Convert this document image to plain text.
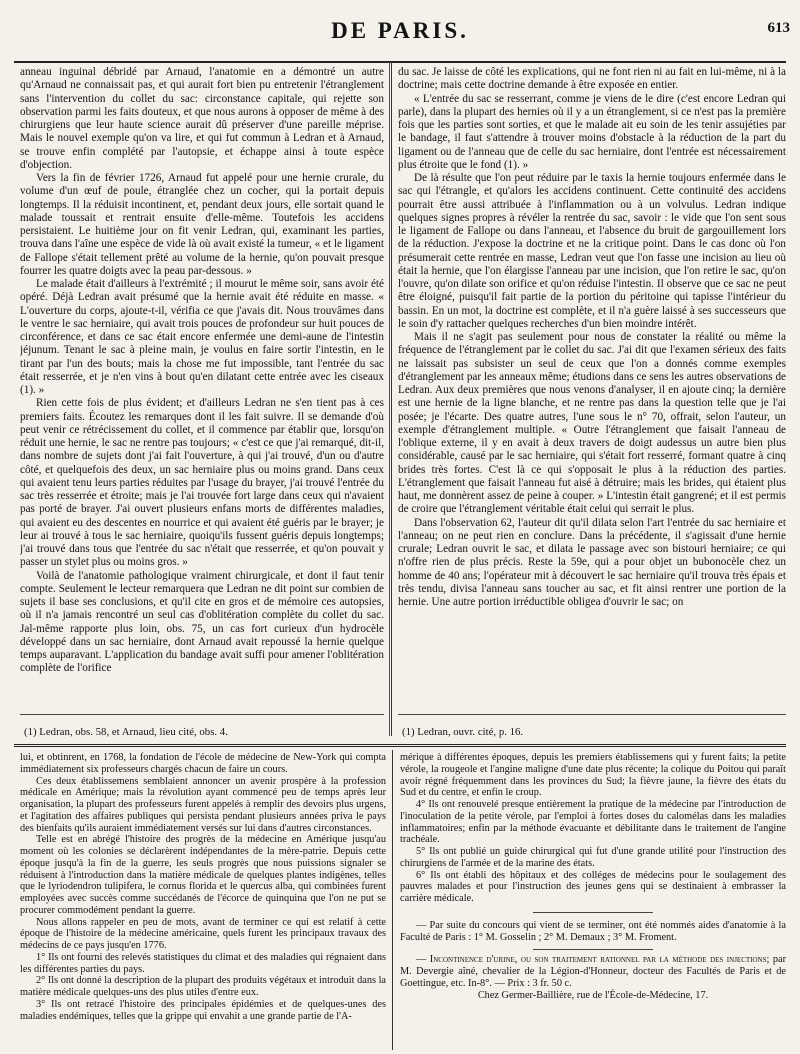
DE PARIS.	613

anneau inguinal débridé par Arnaud, l'anatomie en a démontré un autre qu'Arnaud ne connaissait pas, et qui aurait fort bien pu entretenir l'étranglement sans l'intervention du collet du sac: circonstance capitale, qui rejette son observation parmi les faits douteux, et que nous aurons à opposer de même à des chirurgiens que leur haute science aurait dû préserver d'une pareille méprise. Mais le nouvel exemple qu'on va lire, et qui fut commun à Ledran et à Arnaud, se trouve enfin complété par l'autopsie, et échappe ainsi à toute espèce d'objection.

Vers la fin de février 1726, Arnaud fut appelé pour une hernie crurale, du volume d'un œuf de poule, étranglée chez un cocher, qui la portait depuis longtemps. Il la réduisit incontinent, et, pendant deux jours, elle sortait quand le malade toussait et rentrait ensuite d'elle-même. Toutefois les accidens persistaient. Le huitième jour on fit venir Ledran, qui, examinant les parties, trouva dans l'aîne une espèce de vide là où avait existé la tumeur, « et le ligament de Fallope s'était tellement prêté au volume de la hernie, qu'on pouvait presque fourrer les quatre doigts avec la peau par-dessous. »

Le malade était d'ailleurs à l'extrémité ; il mourut le même soir, sans avoir été opéré. Déjà Ledran avait présumé que la hernie avait été réduite en masse. « L'ouverture du corps, ajoute-t-il, vérifia ce que j'avais dit. Nous trouvâmes dans le ventre le sac herniaire, qui avait trois pouces de profondeur sur huit pouces de circonférence, et dans ce sac était encore enfermée une demi-aune de l'intestin jéjunum. Tenant le sac à pleine main, je voulus en faire sortir l'intestin, en le tirant par l'un des bouts; mais la chose me fut impossible, tant l'entrée du sac était resserrée, et je n'en vins à bout qu'en dilatant cette entrée avec les ciseaux (1). »

Rien cette fois de plus évident; et d'ailleurs Ledran ne s'en tient pas à ces premiers faits. Écoutez les remarques dont il les fait suivre. Il se demande d'où peut venir ce rétrécissement du collet, et il commence par établir que, lorsqu'on réduit une hernie, le sac ne rentre pas toujours; « c'est ce que j'ai remarqué, dit-il, dans nombre de sujets dont j'ai fait l'ouverture, à qui j'ai trouvé, d'un ou d'autre côté, et quelquefois des deux, un sac herniaire plus ou moins grand. Dans ceux qui avaient tenu leurs parties réduites par l'usage du brayer, j'ai trouvé l'entrée du sac très resserrée et étroite; mais je l'ai trouvée fort large dans ceux qui n'avaient pas porté de brayer. J'ai ouvert plusieurs enfans morts de différentes maladies, qui avaient eu des descentes en nourrice et qui avaient été guéris par le brayer; je leur ai trouvé à tous le sac herniaire, quoiqu'ils fussent guéris depuis longtemps; j'ai trouvé dans tous que l'entrée du sac n'était que resserrée, et qu'on pouvait y passer un stylet plus ou moins gros. »

Voilà de l'anatomie pathologique vraiment chirurgicale, et dont il faut tenir compte. Seulement le lecteur remarquera que Ledran ne dit point sur combien de sujets il base ses conclusions, et qu'il cite en gros et de mémoire ces autopsies, où il n'a jamais rencontré un seul cas d'oblitération complète du collet du sac. Jal-même rapporte plus loin, obs. 75, un cas fort curieux d'un hydrocèle développé dans un sac herniaire, dont Arnaud avait repoussé la hernie quelque temps auparavant. L'application du bandage avait suffi pour amener l'oblitération complète de l'orifice

du sac. Je laisse de côté les explications, qui ne font rien ni au fait en lui-même, ni à la doctrine; mais cette doctrine demande à être exposée en entier.

« L'entrée du sac se resserrant, comme je viens de le dire (c'est encore Ledran qui parle), dans la plupart des hernies où il y a un étranglement, si ce n'est pas la première fois que les parties sont sorties, et que le malade ait eu soin de les tenir assujéties par le bandage, il faut s'attendre à trouver moins d'obstacle à la réduction de la part du ligament ou de l'anneau que de celle du sac herniaire, dont l'entrée est nécessairement plus étroite que le fond (1). »

De là résulte que l'on peut réduire par le taxis la hernie toujours enfermée dans le sac qui l'étrangle, et qu'alors les accidens continuent. Cette continuité des accidens pourrait être aussi attribuée à l'inflammation ou à un volvulus. Ledran indique quelques signes propres à révéler la rentrée du sac, savoir : le vide que l'on sent sous le ligament de Fallope ou dans l'anneau, et l'absence du bruit de gargouillement lors de la réduction. J'expose la doctrine et ne la critique point. Dans le cas donc où l'on présumerait cette rentrée en masse, Ledran veut que l'on fasse une incision au lieu où était la hernie, que l'on élargisse l'anneau par une incision, que l'on retire le sac, qu'on l'ouvre, qu'on dilate son orifice et qu'on réduise l'intestin. Il observe que ce sac ne peut être éloigné, puisqu'il fait partie de la portion du péritoine qui tapisse l'intérieur du bassin. En un mot, la doctrine est complète, et il n'a guère laissé à ses successeurs que le soin d'y rattacher quelques recherches d'un bien moindre intérêt.

Mais il ne s'agit pas seulement pour nous de constater la réalité ou même la fréquence de l'étranglement par le collet du sac. J'ai dit que l'examen sérieux des faits ne laissait pas subsister un seul de ceux que l'on a donnés comme exemples d'étranglement par les anneaux même; étudions dans ce sens les autres observations de Ledran. Aux deux premières que nous venons d'analyser, il en ajoute cinq; la dernière est une hernie de la ligne blanche, et ne rentre pas dans la question telle que je l'ai posée; je l'écarte. Des quatre autres, l'une sous le n° 70, offrait, selon l'auteur, un exemple d'étranglement multiple. « Outre l'étranglement que faisait l'anneau de l'oblique externe, il y en avait à deux travers de doigt audessus un autre bien plus considérable, causé par le sac herniaire, qui s'était fort resserré, formant quatre à cinq brides très fortes. C'est là ce qui s'opposait le plus à la réduction des parties. L'étranglement que faisait l'anneau fut aisé à détruire; mais les brides, qui étaient plus haut, me donnèrent assez de peine à couper. » L'intestin était gangrené; et il est permis de croire que l'étranglement véritable était celui qui serrait le plus.

Dans l'observation 62, l'auteur dit qu'il dilata selon l'art l'entrée du sac herniaire et l'anneau; on ne peut rien en conclure. Dans la précédente, il s'agissait d'une hernie crurale; Ledran ouvrit le sac, et dilata le passage avec son bistouri herniaire; ce qui n'offre rien de plus précis. Reste la 59e, qui a pour objet un bubonocèle chez un homme de 40 ans; l'opérateur mit à découvert le sac herniaire qu'il trouva très épais et très tendu, divisa l'anneau sans toucher au sac, et fit ainsi rentrer une portion de la hernie. Une autre portion irréductible obligea d'ouvrir le sac; on

(1) Ledran, obs. 58, et Arnaud, lieu cité, obs. 4.	(1) Ledran, ouvr. cité, p. 16.

lui, et obtinrent, en 1768, la fondation de l'école de médecine de New-York qui compta immédiatement six professeurs chargés chacun de faire un cours.

Ces deux établissemens semblaient annoncer un avenir prospère à la profession médicale en Amérique; mais la révolution ayant commencé peu de temps après leur organisation, la plupart des professeurs furent appelés à remplir des devoirs plus urgens, et l'agitation des affaires publiques qui persista pendant plusieurs années priva le pays des bienfaits qu'ils auraient immédiatement versés sur lui dans d'autres circonstances.

Telle est en abrégé l'histoire des progrès de la médecine en Amérique jusqu'au moment où les colonies se déclarèrent indépendantes de la mère-patrie. Depuis cette époque jusqu'à la fin de la guerre, les seuls progrès que nous puissions signaler se réduisent à l'introduction dans la matière médicale de quelques plantes indigènes, telles que le lyriodendron tulipifera, le cornus florida et le quercus alba, qui combinées furent employées avec succès comme succédanés de l'écorce de quinquina que l'on ne put se procurer commodément pendant la guerre.

Nous allons rappeler en peu de mots, avant de terminer ce qui est relatif à cette époque de l'histoire de la médecine américaine, quels furent les principaux travaux des médecins de ce pays jusqu'en 1776.

1° Ils ont fourni des relevés statistiques du climat et des maladies qui régnaient dans les différentes parties du pays.

2° Ils ont donné la description de la plupart des produits végétaux et introduit dans la matière médicale quelques-uns des plus utiles d'entre eux.

3° Ils ont retracé l'histoire des principales épidémies et de quelques-unes des maladies endémiques, telles que la grippe qui envahit a une grande partie de l'A-

mérique à différentes époques, depuis les premiers établissemens qui y furent faits; la petite vérole, la rougeole et l'angine maligne d'une date plus récente; la colique du Poitou qui paraît avoir régné fréquemment dans les provinces du Sud; la fièvre jaune, la fièvre des états du Sud et du centre, et enfin le croup.

4° Ils ont renouvelé presque entièrement la pratique de la médecine par l'introduction de l'inoculation de la petite vérole, par l'emploi à fortes doses du calomélas dans les maladies inflammatoires; enfin par la méthode évacuante et débilitante dans le traitement de l'angine trachéale.

5° Ils ont publié un guide chirurgical qui fut d'une grande utilité pour l'instruction des chirurgiens de l'armée et de la marine des états.

6° Ils ont établi des hôpitaux et des colléges de médecins pour le soulagement des pauvres malades et pour l'instruction des jeunes gens qui se destinaient à embrasser la carrière médicale.

— Par suite du concours qui vient de se terminer, ont été nommés aides d'anatomie à la Faculté de Paris : 1° M. Gosselin ; 2° M. Demaux ; 3° M. Froment.

— Incontinence d'urine, ou son traitement rationnel par la méthode des injections; par M. Devergie aîné, chevalier de la Légion-d'Honneur, docteur des Facultés de Paris et de Goettingue, etc. In-8°. — Prix : 3 fr. 50 c.

Chez Germer-Baillière, rue de l'École-de-Médecine, 17.
